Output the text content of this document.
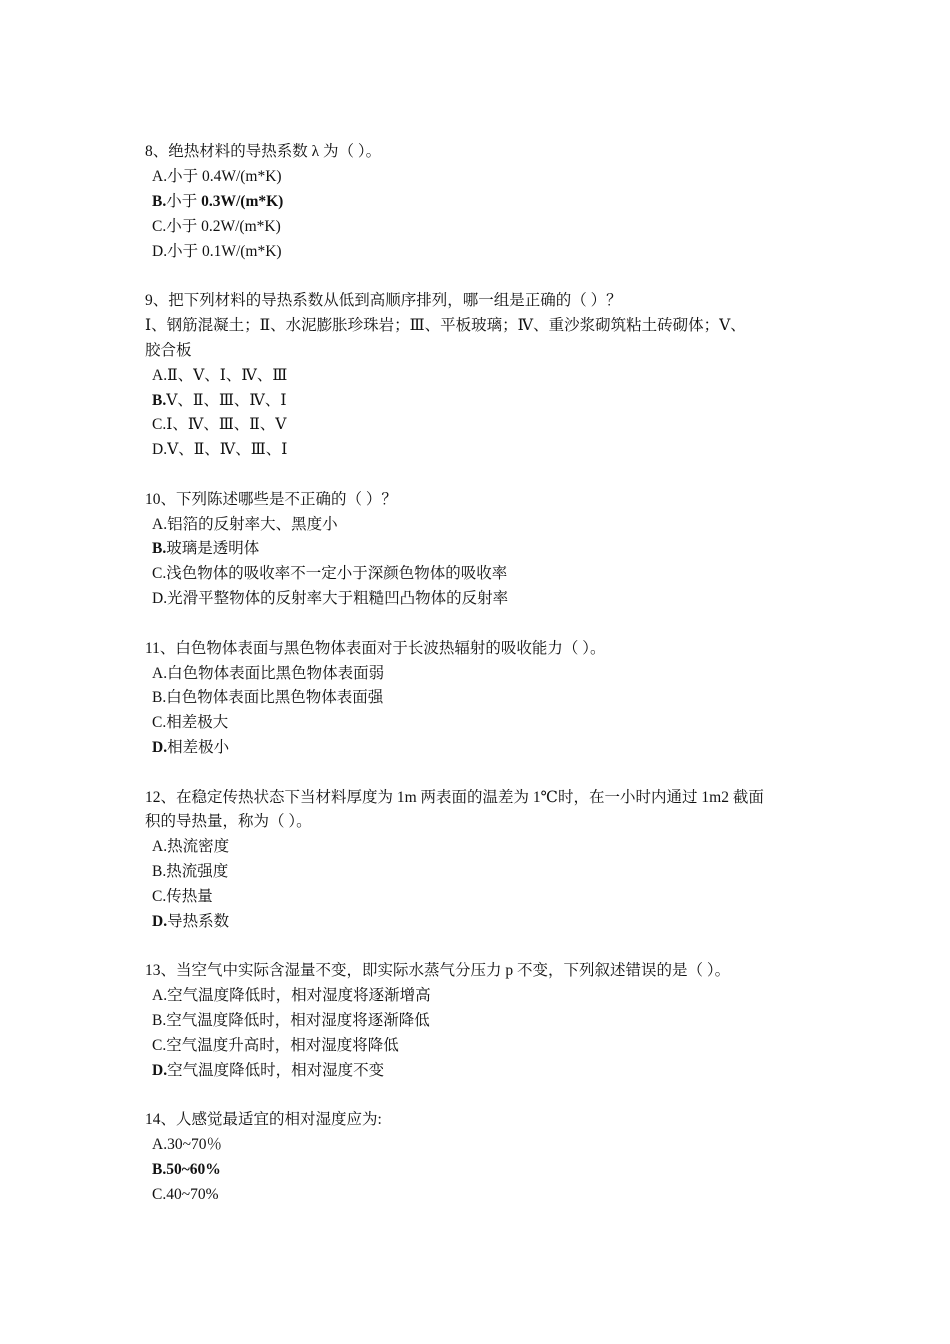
8、绝热材料的导热系数 λ 为（ ）。
A.小于 0.4W/(m*K)
B.小于 0.3W/(m*K)
C.小于 0.2W/(m*K)
D.小于 0.1W/(m*K)
9、把下列材料的导热系数从低到高顺序排列，哪一组是正确的（ ）？
Ⅰ、钢筋混凝土；Ⅱ、水泥膨胀珍珠岩；Ⅲ、平板玻璃；Ⅳ、重沙浆砌筑粘土砖砌体；Ⅴ、
胶合板
A.Ⅱ、Ⅴ、Ⅰ、Ⅳ、Ⅲ
B.Ⅴ、Ⅱ、Ⅲ、Ⅳ、Ⅰ
C.Ⅰ、Ⅳ、Ⅲ、Ⅱ、Ⅴ
D.Ⅴ、Ⅱ、Ⅳ、Ⅲ、Ⅰ
10、下列陈述哪些是不正确的（ ）？
A.铝箔的反射率大、黑度小
B.玻璃是透明体
C.浅色物体的吸收率不一定小于深颜色物体的吸收率
D.光滑平整物体的反射率大于粗糙凹凸物体的反射率
11、白色物体表面与黑色物体表面对于长波热辐射的吸收能力（ ）。
A.白色物体表面比黑色物体表面弱
B.白色物体表面比黑色物体表面强
C.相差极大
D.相差极小
12、在稳定传热状态下当材料厚度为 1m 两表面的温差为 1℃时，在一小时内通过 1m2 截面
积的导热量，称为（ ）。
A.热流密度
B.热流强度
C.传热量
D.导热系数
13、当空气中实际含湿量不变，即实际水蒸气分压力 p 不变，下列叙述错误的是（ ）。
A.空气温度降低时，相对湿度将逐渐增高
B.空气温度降低时，相对湿度将逐渐降低
C.空气温度升高时，相对湿度将降低
D.空气温度降低时，相对湿度不变
14、人感觉最适宜的相对湿度应为:
A.30~70％
B.50~60%
C.40~70%
